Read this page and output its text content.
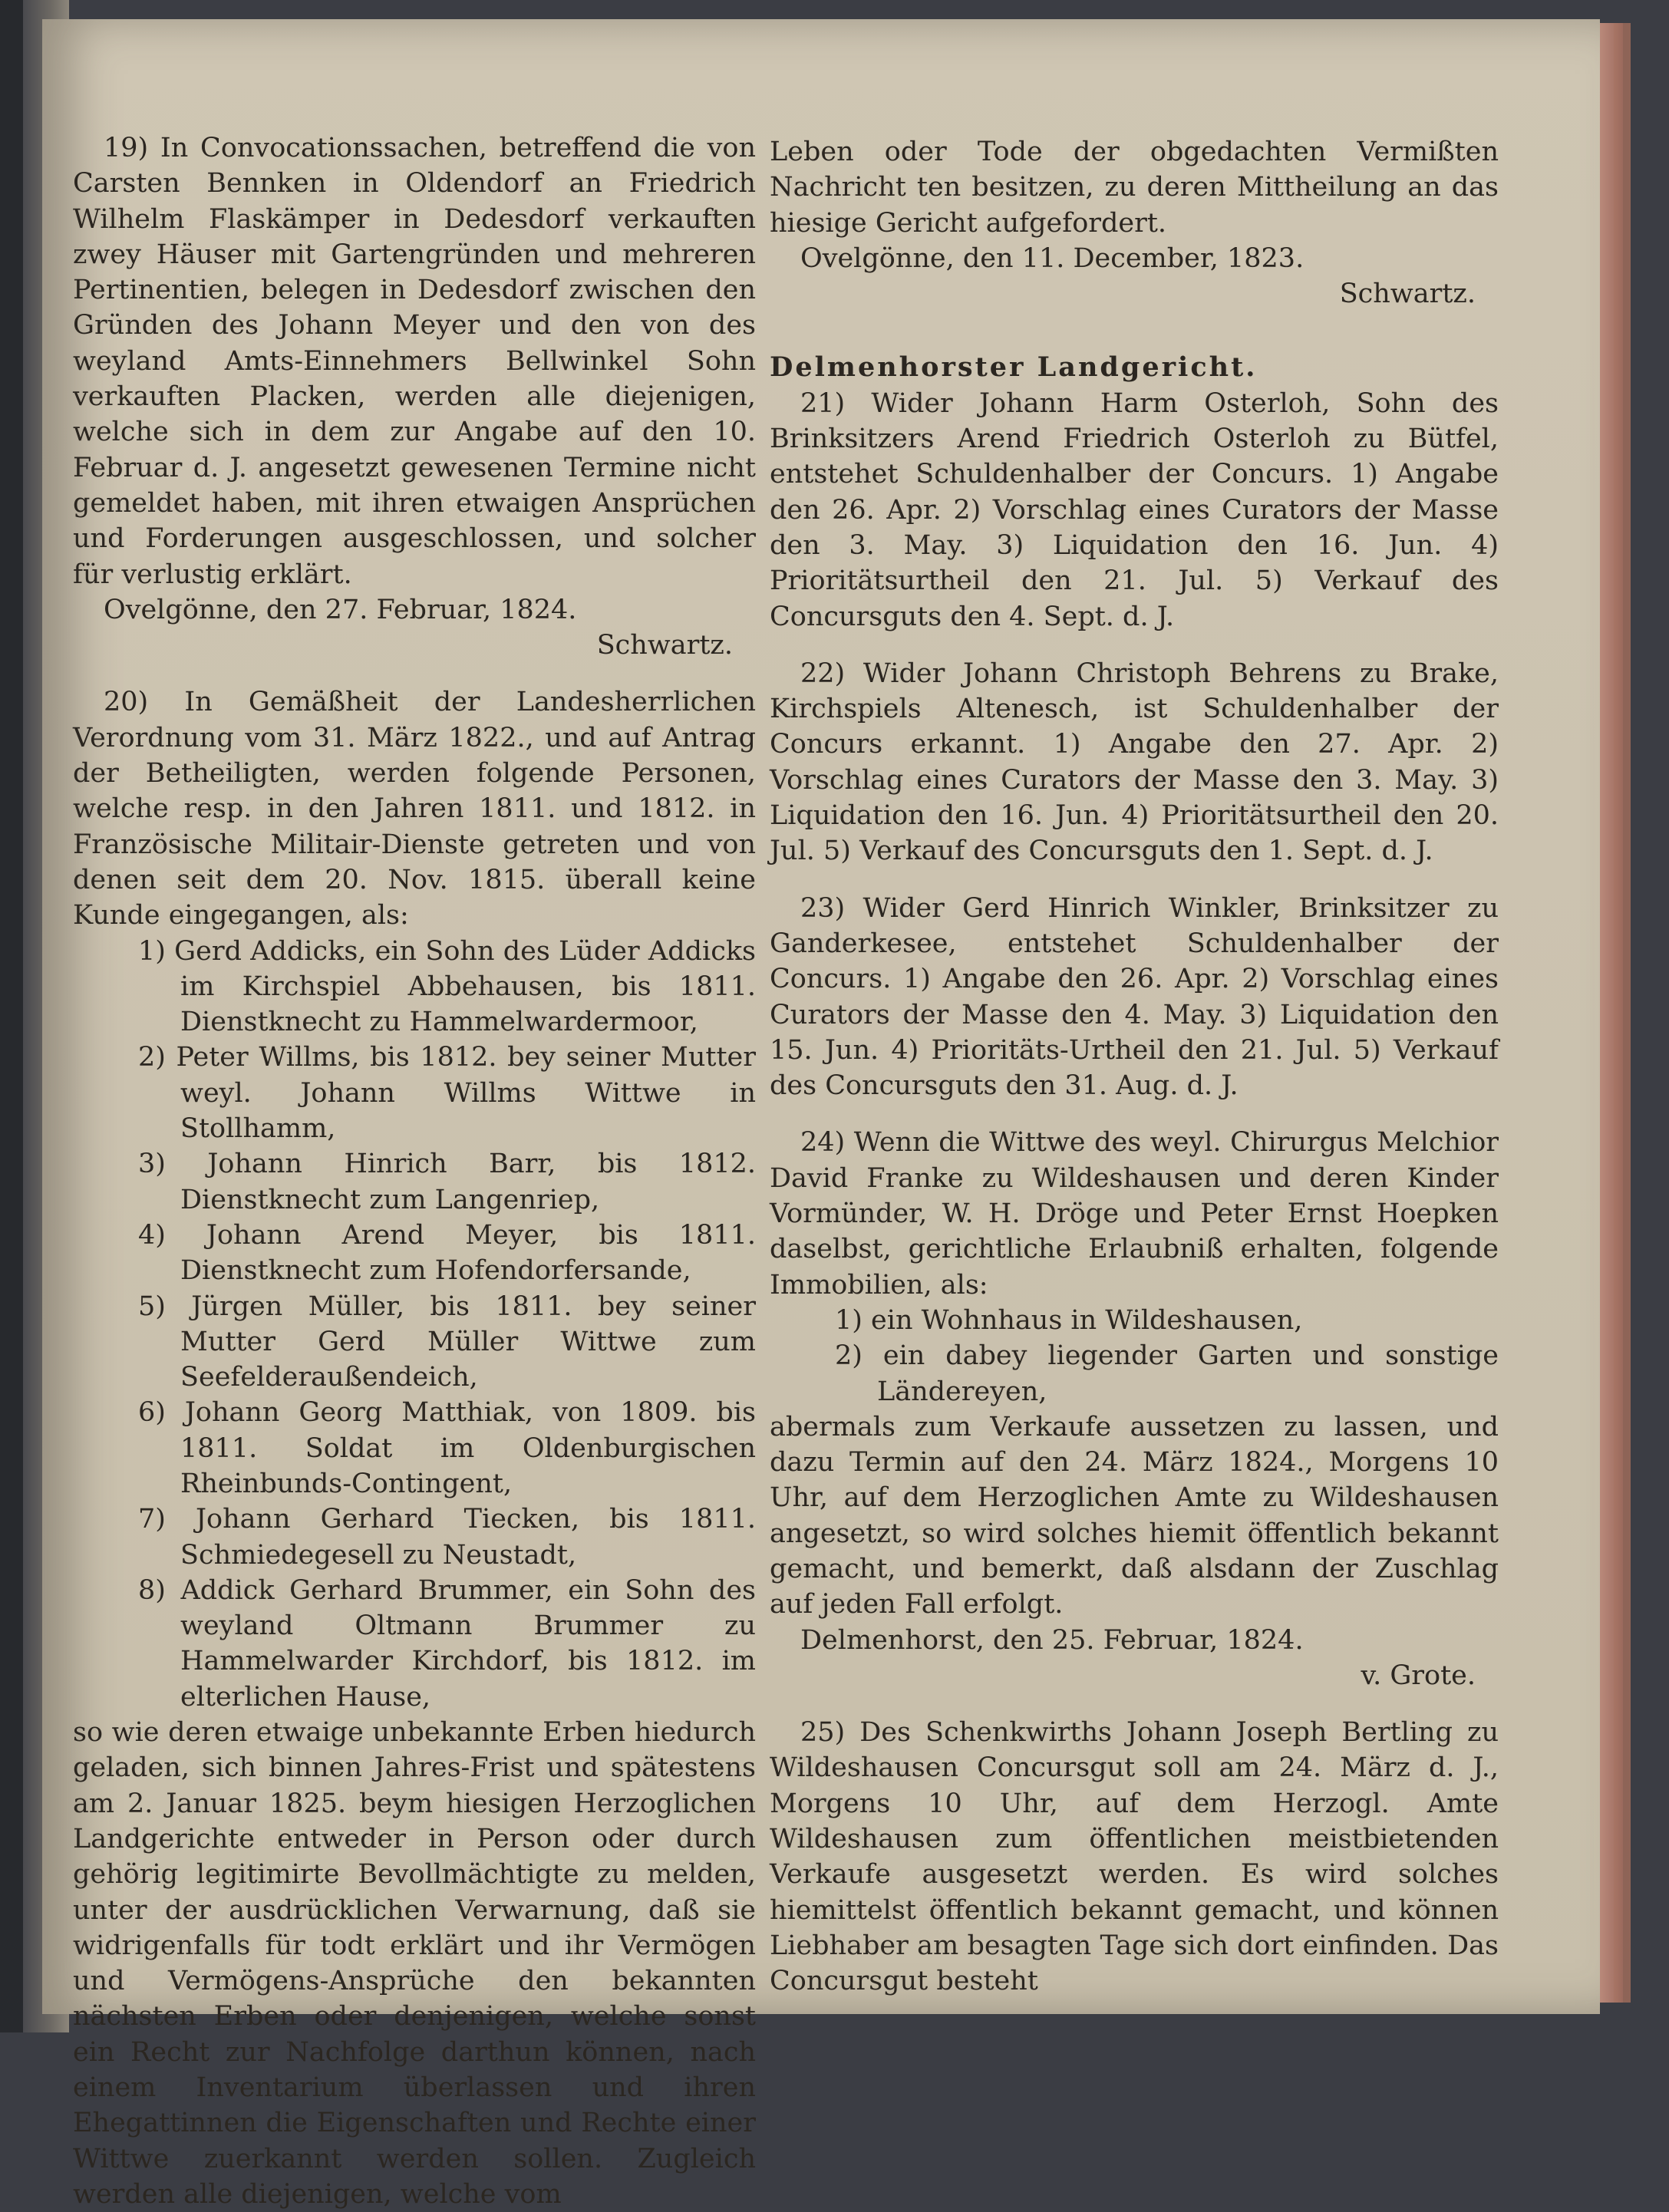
19) In Convocationssachen, betreffend die von Carsten Bennken in Oldendorf an Friedrich Wilhelm Flaskämper in Dedesdorf verkauften zwey Häuser mit Gartengründen und mehreren Pertinentien, belegen in Dedesdorf zwischen den Gründen des Johann Meyer und den von des weyland Amts-Einnehmers Bellwinkel Sohn verkauften Placken, werden alle diejenigen, welche sich in dem zur Angabe auf den 10. Februar d. J. angesetzt gewesenen Termine nicht gemeldet haben, mit ihren etwaigen Ansprüchen und Forderungen ausgeschlossen, und solcher für verlustig erklärt.

Ovelgönne, den 27. Februar, 1824.

Schwartz.

20) In Gemäßheit der Landesherrlichen Verordnung vom 31. März 1822., und auf Antrag der Betheiligten, werden folgende Personen, welche resp. in den Jahren 1811. und 1812. in Französische Militair-Dienste getreten und von denen seit dem 20. Nov. 1815. überall keine Kunde eingegangen, als:

1) Gerd Addicks, ein Sohn des Lüder Addicks im Kirchspiel Abbehausen, bis 1811. Dienstknecht zu Hammelwardermoor,

2) Peter Willms, bis 1812. bey seiner Mutter weyl. Johann Willms Wittwe in Stollhamm,

3) Johann Hinrich Barr, bis 1812. Dienstknecht zum Langenriep,

4) Johann Arend Meyer, bis 1811. Dienstknecht zum Hofendorfersande,

5) Jürgen Müller, bis 1811. bey seiner Mutter Gerd Müller Wittwe zum Seefelderaußendeich,

6) Johann Georg Matthiak, von 1809. bis 1811. Soldat im Oldenburgischen Rheinbunds-Contingent,

7) Johann Gerhard Tiecken, bis 1811. Schmiedegesell zu Neustadt,

8) Addick Gerhard Brummer, ein Sohn des weyland Oltmann Brummer zu Hammelwarder Kirchdorf, bis 1812. im elterlichen Hause,

so wie deren etwaige unbekannte Erben hiedurch geladen, sich binnen Jahres-Frist und spätestens am 2. Januar 1825. beym hiesigen Herzoglichen Landgerichte entweder in Person oder durch gehörig legitimirte Bevollmächtigte zu melden, unter der ausdrücklichen Verwarnung, daß sie widrigenfalls für todt erklärt und ihr Vermögen und Vermögens-Ansprüche den bekannten nächsten Erben oder denjenigen, welche sonst ein Recht zur Nachfolge darthun können, nach einem Inventarium überlassen und ihren Ehegattinnen die Eigenschaften und Rechte einer Wittwe zuerkannt werden sollen. Zugleich werden alle diejenigen, welche vom

Leben oder Tode der obgedachten Vermißten Nachricht ten besitzen, zu deren Mittheilung an das hiesige Gericht aufgefordert.

Ovelgönne, den 11. December, 1823.

Schwartz.

Delmenhorster Landgericht.

21) Wider Johann Harm Osterloh, Sohn des Brinksitzers Arend Friedrich Osterloh zu Bütfel, entstehet Schuldenhalber der Concurs. 1) Angabe den 26. Apr. 2) Vorschlag eines Curators der Masse den 3. May. 3) Liquidation den 16. Jun. 4) Prioritätsurtheil den 21. Jul. 5) Verkauf des Concursguts den 4. Sept. d. J.

22) Wider Johann Christoph Behrens zu Brake, Kirchspiels Altenesch, ist Schuldenhalber der Concurs erkannt. 1) Angabe den 27. Apr. 2) Vorschlag eines Curators der Masse den 3. May. 3) Liquidation den 16. Jun. 4) Prioritätsurtheil den 20. Jul. 5) Verkauf des Concursguts den 1. Sept. d. J.

23) Wider Gerd Hinrich Winkler, Brinksitzer zu Ganderkesee, entstehet Schuldenhalber der Concurs. 1) Angabe den 26. Apr. 2) Vorschlag eines Curators der Masse den 4. May. 3) Liquidation den 15. Jun. 4) Prioritäts-Urtheil den 21. Jul. 5) Verkauf des Concursguts den 31. Aug. d. J.

24) Wenn die Wittwe des weyl. Chirurgus Melchior David Franke zu Wildeshausen und deren Kinder Vormünder, W. H. Dröge und Peter Ernst Hoepken daselbst, gerichtliche Erlaubniß erhalten, folgende Immobilien, als:

1) ein Wohnhaus in Wildeshausen,

2) ein dabey liegender Garten und sonstige Ländereyen,

abermals zum Verkaufe aussetzen zu lassen, und dazu Termin auf den 24. März 1824., Morgens 10 Uhr, auf dem Herzoglichen Amte zu Wildeshausen angesetzt, so wird solches hiemit öffentlich bekannt gemacht, und bemerkt, daß alsdann der Zuschlag auf jeden Fall erfolgt.

Delmenhorst, den 25. Februar, 1824.

v. Grote.

25) Des Schenkwirths Johann Joseph Bertling zu Wildeshausen Concursgut soll am 24. März d. J., Morgens 10 Uhr, auf dem Herzogl. Amte Wildeshausen zum öffentlichen meistbietenden Verkaufe ausgesetzt werden. Es wird solches hiemittelst öffentlich bekannt gemacht, und können Liebhaber am besagten Tage sich dort einfinden. Das Concursgut besteht
